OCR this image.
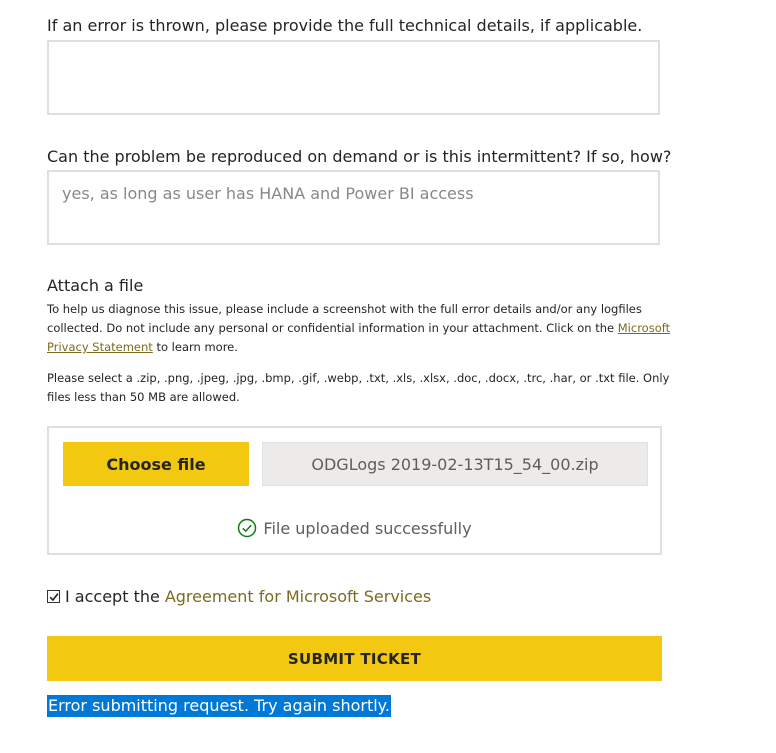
If an error is thrown, please provide the full technical details, if applicable.
Can the problem be reproduced on demand or is this intermittent? If so, how?
yes, as long as user has HANA and Power BI access
Attach a file
To help us diagnose this issue, please include a screenshot with the full error details and/or any logfiles collected. Do not include any personal or confidential information in your attachment. Click on the Microsoft Privacy Statement to learn more.
Please select a .zip, .png, .jpeg, .jpg, .bmp, .gif, .webp, .txt, .xls, .xlsx, .doc, .docx, .trc, .har, or .txt file. Only files less than 50 MB are allowed.
Choose file	ODGLogs 2019-02-13T15_54_00.zip
File uploaded successfully
I accept the Agreement for Microsoft Services
SUBMIT TICKET
Error submitting request. Try again shortly.
